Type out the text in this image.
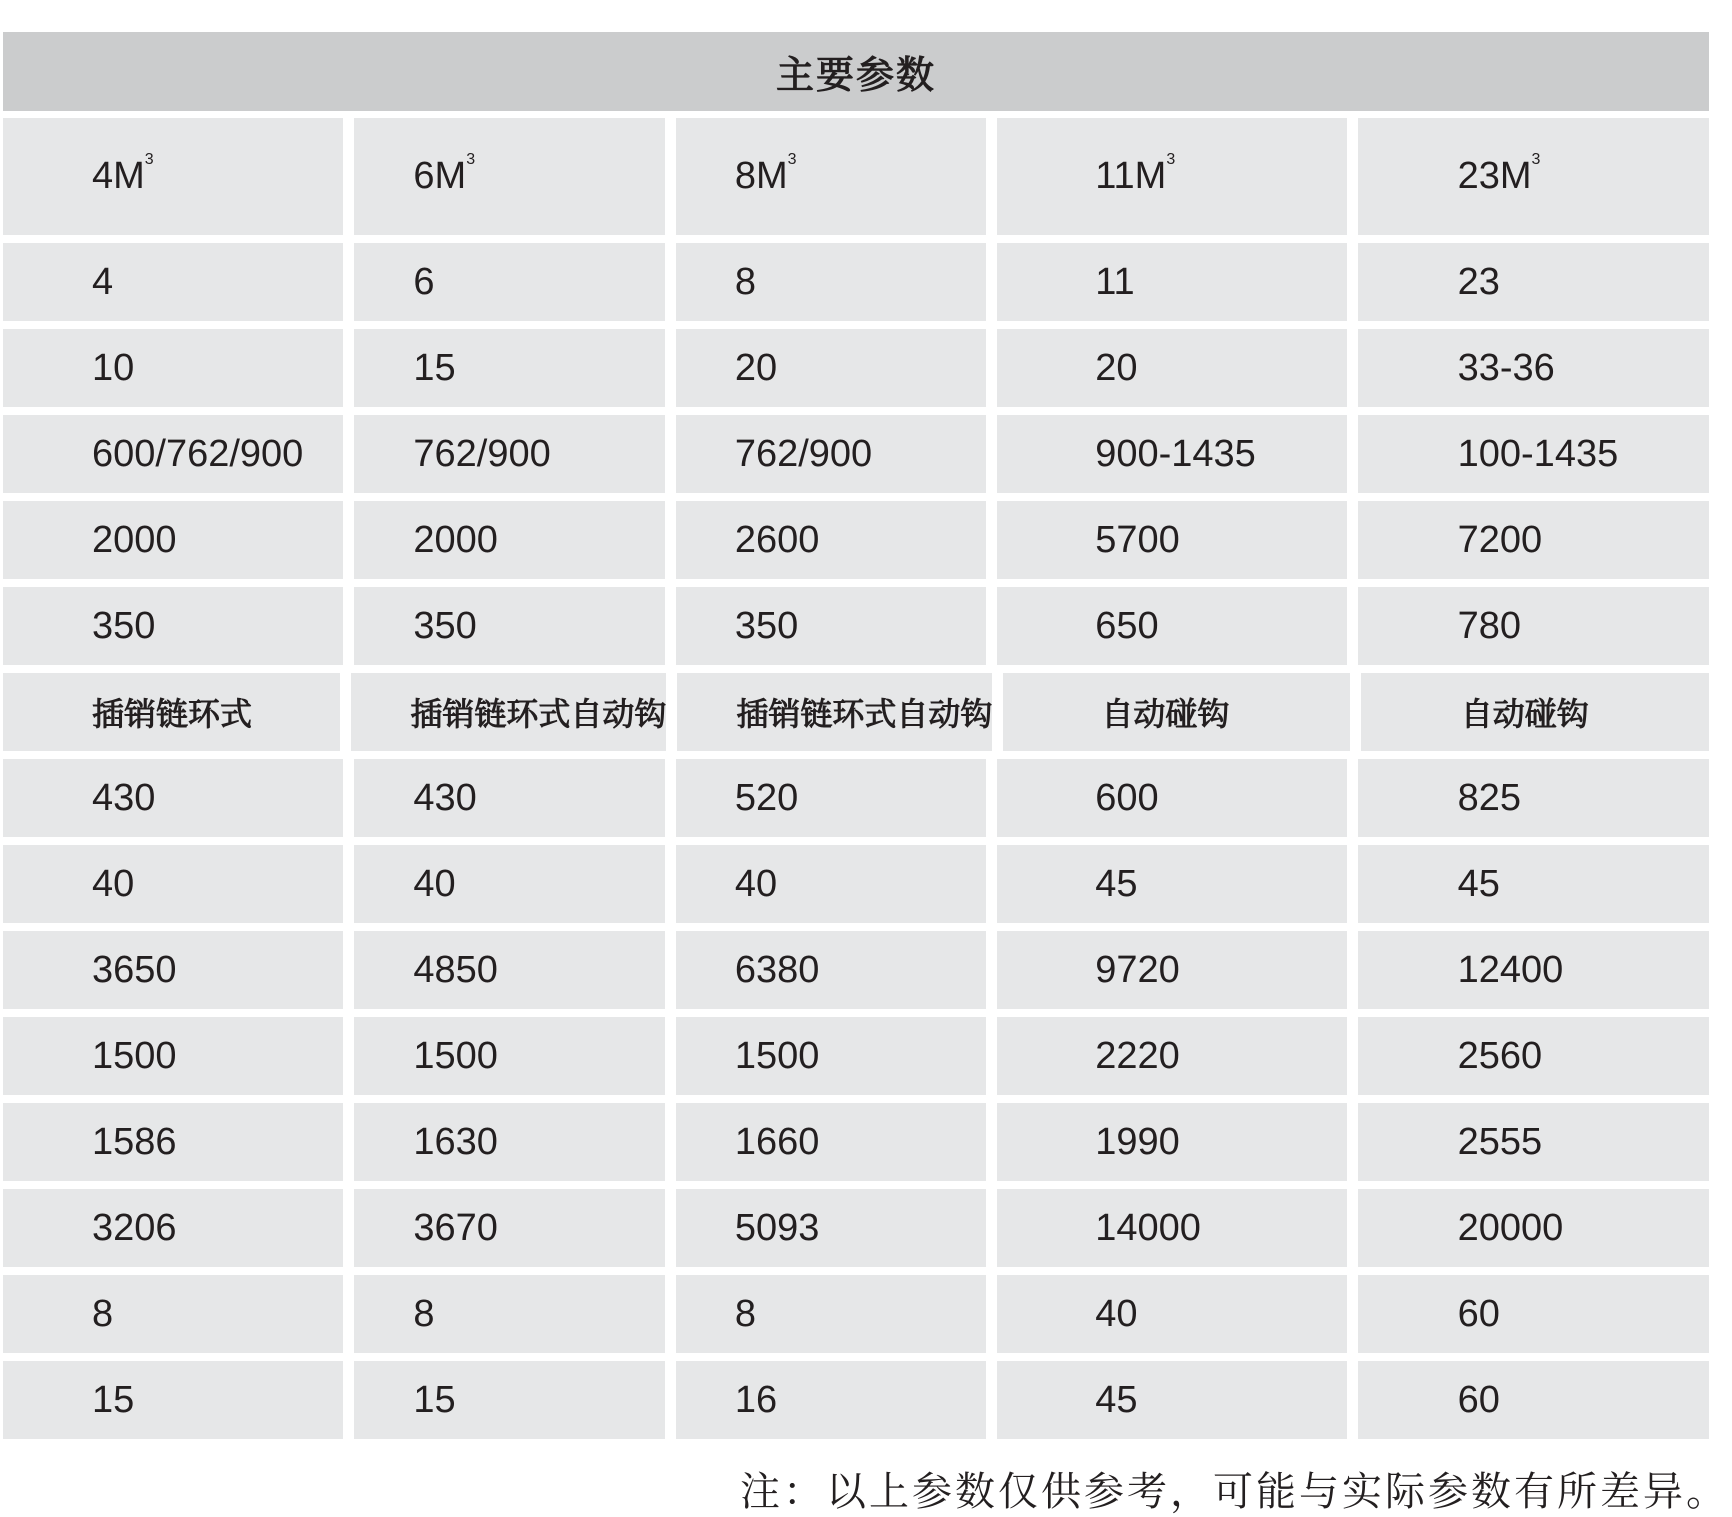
主要参数
$4M^3$	$6M^3$	$8M^3$	$11M^3$	$23M^3$
4	6	8	11	23
10	15	20	20	33-36
600/762/900	762/900	762/900	900-1435	100-1435
2000	2000	2600	5700	7200
350	350	350	650	780
插销链环式	插销链环式自动钩	插销链环式自动钩	自动碰钩	自动碰钩
430	430	520	600	825
40	40	40	45	45
3650	4850	6380	9720	12400
1500	1500	1500	2220	2560
1586	1630	1660	1990	2555
3206	3670	5093	14000	20000
8	8	8	40	60
15	15	16	45	60
注：以上参数仅供参考，可能与实际参数有所差异。
